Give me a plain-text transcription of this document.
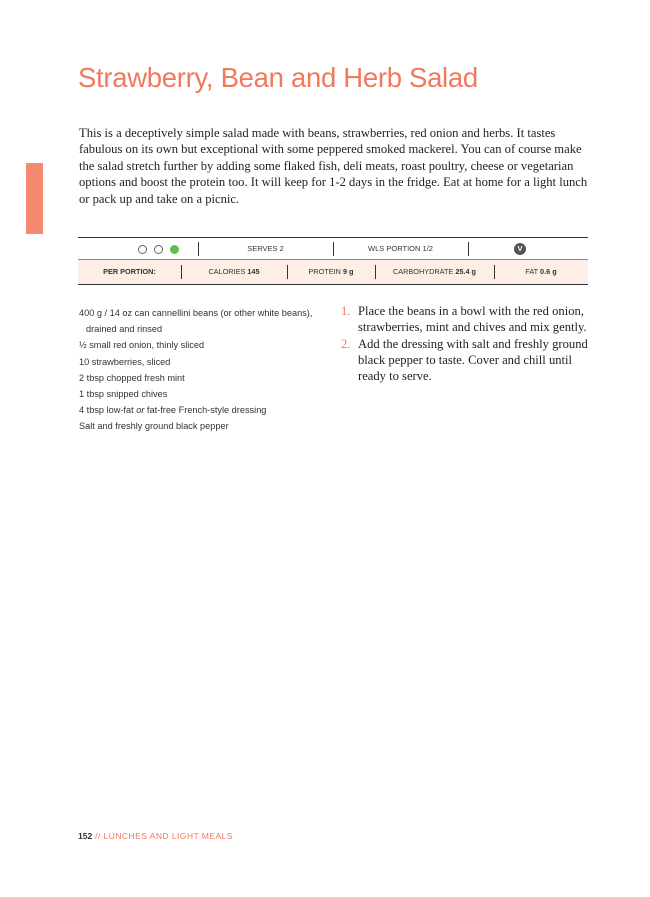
Strawberry, Bean and Herb Salad

This is a deceptively simple salad made with beans, strawberries, red onion and herbs. It tastes fabulous on its own but exceptional with some peppered smoked mackerel. You can of course make the salad stretch further by adding some flaked fish, deli meats, roast poultry, cheese or vegetarian options and boost the protein too. It will keep for 1-2 days in the fridge. Eat at home for a light lunch or pack up and take on a picnic.

SERVES 2	WLS PORTION 1/2	V
PER PORTION:	CALORIES 145	PROTEIN 9 g	CARBOHYDRATE 25.4 g	FAT 0.6 g
400 g / 14 oz can cannellini beans (or other white beans), drained and rinsed
½ small red onion, thinly sliced
10 strawberries, sliced
2 tbsp chopped fresh mint
1 tbsp snipped chives
4 tbsp low-fat or fat-free French-style dressing
Salt and freshly ground black pepper
1. Place the beans in a bowl with the red onion, strawberries, mint and chives and mix gently.
2. Add the dressing with salt and freshly ground black pepper to taste. Cover and chill until ready to serve.
152 // LUNCHES AND LIGHT MEALS
